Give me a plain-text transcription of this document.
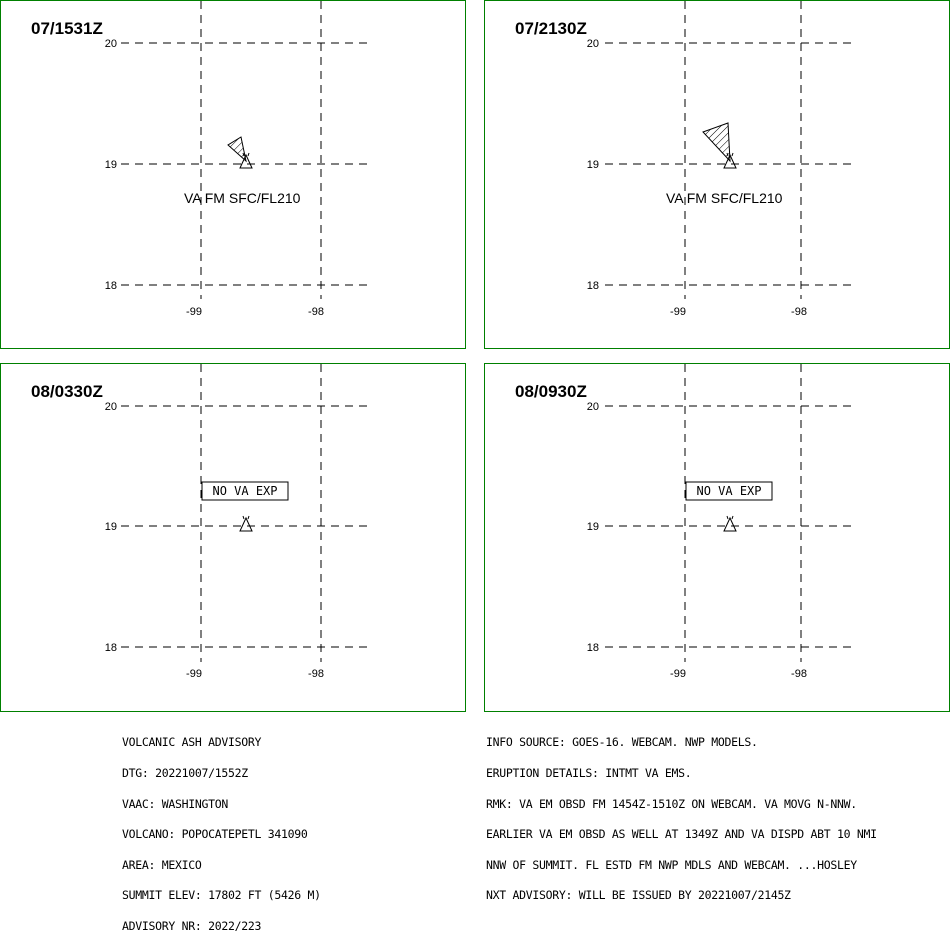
07/1531Z
20
19
18
-99	-98
VA FM SFC/FL210
07/2130Z
20
19
18
-99	-98
VA FM SFC/FL210
08/0330Z
20
19
18
-99	-98
NO VA EXP
08/0930Z
20
19
18
-99	-98
NO VA EXP

VOLCANIC ASH ADVISORY

DTG: 20221007/1552Z

VAAC: WASHINGTON

VOLCANO: POPOCATEPETL 341090

AREA: MEXICO

SUMMIT ELEV: 17802 FT (5426 M)

ADVISORY NR: 2022/223

INFO SOURCE: GOES-16. WEBCAM. NWP MODELS.

ERUPTION DETAILS: INTMT VA EMS.

RMK: VA EM OBSD FM 1454Z-1510Z ON WEBCAM. VA MOVG N-NNW.

EARLIER VA EM OBSD AS WELL AT 1349Z AND VA DISPD ABT 10 NMI

NNW OF SUMMIT. FL ESTD FM NWP MDLS AND WEBCAM. ...HOSLEY

NXT ADVISORY: WILL BE ISSUED BY 20221007/2145Z
